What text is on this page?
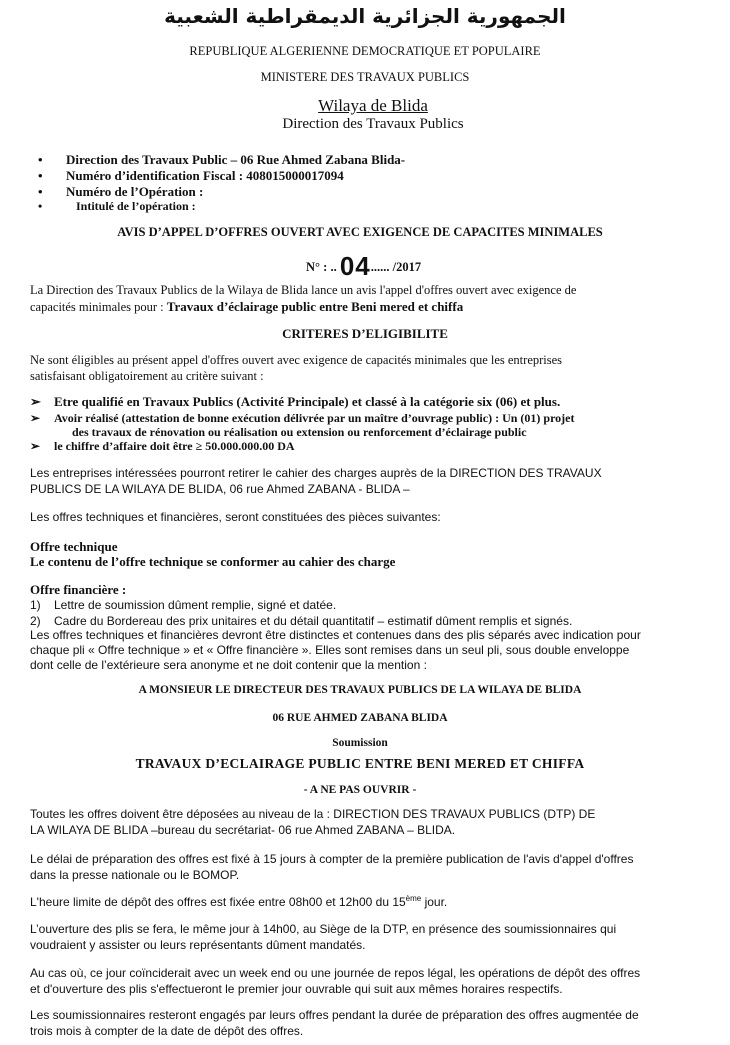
الجمهورية الجزائرية الديمقراطية الشعبية
REPUBLIQUE ALGERIENNE DEMOCRATIQUE ET POPULAIRE
MINISTERE DES TRAVAUX PUBLICS
Wilaya de Blida
Direction des Travaux Publics
• Direction des Travaux Public – 06 Rue Ahmed Zabana Blida-
• Numéro d’identification Fiscal : 408015000017094
• Numéro de l’Opération :
•	Intitulé de l’opération :
AVIS D’APPEL D’OFFRES OUVERT AVEC EXIGENCE DE CAPACITES MINIMALES
N° : .. 04...... /2017
La Direction des Travaux Publics de la Wilaya de Blida lance un avis l'appel d'offres ouvert avec exigence de
capacités minimales pour : Travaux d’éclairage public entre Beni mered et chiffa
CRITERES D’ELIGIBILITE
Ne sont éligibles au présent appel d'offres ouvert avec exigence de capacités minimales que les entreprises
satisfaisant obligatoirement au critère suivant :
➢ Etre qualifié en Travaux Publics (Activité Principale) et classé à la catégorie six (06) et plus.
➢ Avoir réalisé (attestation de bonne exécution délivrée par un maître d’ouvrage public) : Un (01) projet
des travaux de rénovation ou réalisation ou extension ou renforcement d’éclairage public
➢ le chiffre d’affaire doit être ≥ 50.000.000.00 DA
Les entreprises intéressées pourront retirer le cahier des charges auprès de la DIRECTION DES TRAVAUX
PUBLICS DE LA WILAYA DE BLIDA, 06 rue Ahmed ZABANA - BLIDA –
Les offres techniques et financières, seront constituées des pièces suivantes:
Offre technique
Le contenu de l’offre technique se conformer au cahier des charge
Offre financière :
1) Lettre de soumission dûment remplie, signé et datée.
2) Cadre du Bordereau des prix unitaires et du détail quantitatif – estimatif dûment remplis et signés.
Les offres techniques et financières devront être distinctes et contenues dans des plis séparés avec indication pour
chaque pli « Offre technique » et « Offre financière ». Elles sont remises dans un seul pli, sous double enveloppe
dont celle de l’extérieure sera anonyme et ne doit contenir que la mention :
A MONSIEUR LE DIRECTEUR DES TRAVAUX PUBLICS DE LA WILAYA DE BLIDA
06 RUE AHMED ZABANA BLIDA
Soumission
TRAVAUX D’ECLAIRAGE PUBLIC ENTRE BENI MERED ET CHIFFA
- A NE PAS OUVRIR -
Toutes les offres doivent être déposées au niveau de la : DIRECTION DES TRAVAUX PUBLICS (DTP) DE
LA WILAYA DE BLIDA –bureau du secrétariat- 06 rue Ahmed ZABANA – BLIDA.
Le délai de préparation des offres est fixé à 15 jours à compter de la première publication de l'avis d'appel d'offres
dans la presse nationale ou le BOMOP.
L'heure limite de dépôt des offres est fixée entre 08h00 et 12h00 du 15ème jour.
L’ouverture des plis se fera, le même jour à 14h00, au Siège de la DTP, en présence des soumissionnaires qui
voudraient y assister ou leurs représentants dûment mandatés.
Au cas où, ce jour coïnciderait avec un week end ou une journée de repos légal, les opérations de dépôt des offres
et d'ouverture des plis s'effectueront le premier jour ouvrable qui suit aux mêmes horaires respectifs.
Les soumissionnaires resteront engagés par leurs offres pendant la durée de préparation des offres augmentée de
trois mois à compter de la date de dépôt des offres.
